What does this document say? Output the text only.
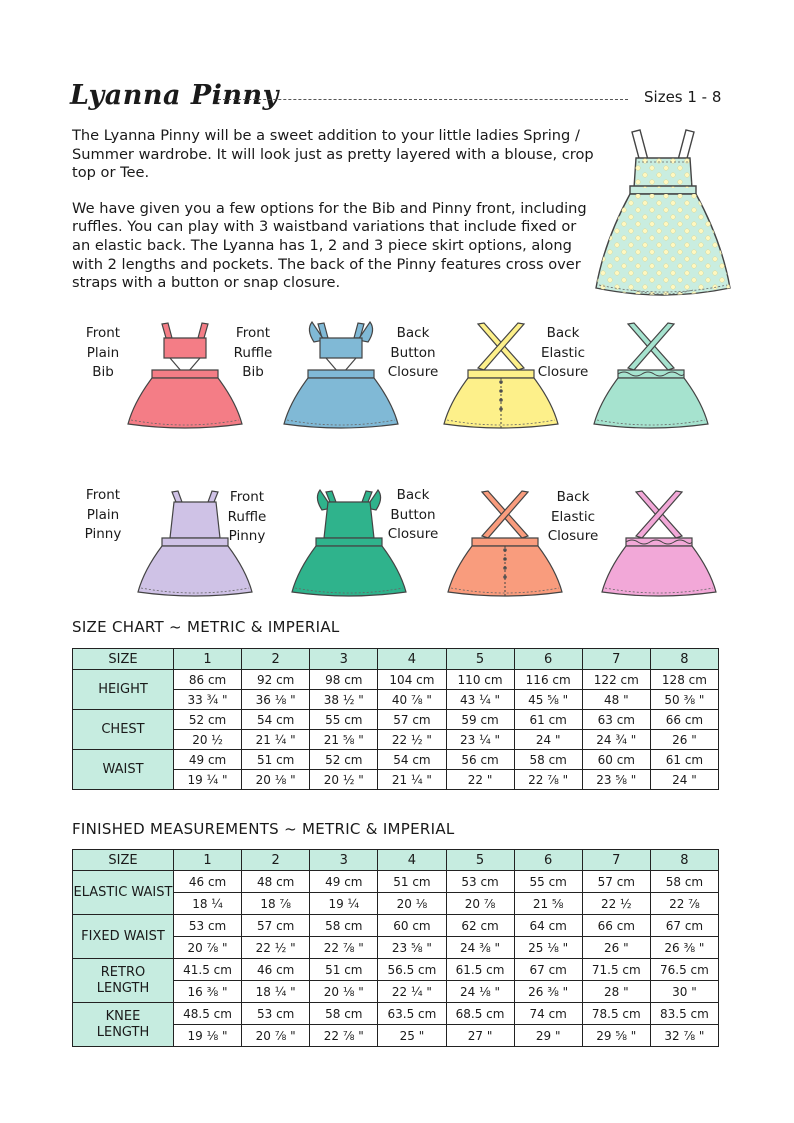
Lyanna Pinny	Sizes 1 - 8

The Lyanna Pinny will be a sweet addition to your little ladies Spring / Summer wardrobe. It will look just as pretty layered with a blouse, crop top or Tee.

We have given you a few options for the Bib and Pinny front, including ruffles. You can play with 3 waistband variations that include fixed or an elastic back. The Lyanna has 1, 2 and 3 piece skirt options, along with 2 lengths and pockets. The back of the Pinny features cross over straps with a button or snap closure.

Front
Plain
Bib
Front
Ruffle
Bib
Back
Button
Closure
Back
Elastic
Closure
Front
Plain
Pinny
Front
Ruffle
Pinny
Back
Button
Closure
Back
Elastic
Closure
SIZE CHART ~ METRIC & IMPERIAL
SIZE	1	2	3	4	5	6	7	8

HEIGHT	86 cm	92 cm	98 cm	104 cm	110 cm	116 cm	122 cm	128 cm
	33 ¾ "	36 ⅛ "	38 ½ "	40 ⅞ "	43 ¼ "	45 ⅝ "	48 "	50 ⅜ "

CHEST	52 cm	54 cm	55 cm	57 cm	59 cm	61 cm	63 cm	66 cm
	20 ½	21 ¼ "	21 ⅝ "	22 ½ "	23 ¼ "	24 "	24 ¾ "	26 "

WAIST	49 cm	51 cm	52 cm	54 cm	56 cm	58 cm	60 cm	61 cm
	19 ¼ "	20 ⅛ "	20 ½ "	21 ¼ "	22 "	22 ⅞ "	23 ⅝ "	24 "
FINISHED MEASUREMENTS ~ METRIC & IMPERIAL
SIZE	1	2	3	4	5	6	7	8

ELASTIC WAIST	46 cm	48 cm	49 cm	51 cm	53 cm	55 cm	57 cm	58 cm
	18 ¼	18 ⅞	19 ¼	20 ⅛	20 ⅞	21 ⅝	22 ½	22 ⅞

FIXED WAIST	53 cm	57 cm	58 cm	60 cm	62 cm	64 cm	66 cm	67 cm
	20 ⅞ "	22 ½ "	22 ⅞ "	23 ⅝ "	24 ⅜ "	25 ⅛ "	26 "	26 ⅜ "

RETRO
LENGTH	41.5 cm	46 cm	51 cm	56.5 cm	61.5 cm	67 cm	71.5 cm	76.5 cm
	16 ⅜ "	18 ¼ "	20 ⅛ "	22 ¼ "	24 ⅛ "	26 ⅜ "	28 "	30 "

KNEE
LENGTH	48.5 cm	53 cm	58 cm	63.5 cm	68.5 cm	74 cm	78.5 cm	83.5 cm
	19 ⅛ "	20 ⅞ "	22 ⅞ "	25 "	27 "	29 "	29 ⅝ "	32 ⅞ "
